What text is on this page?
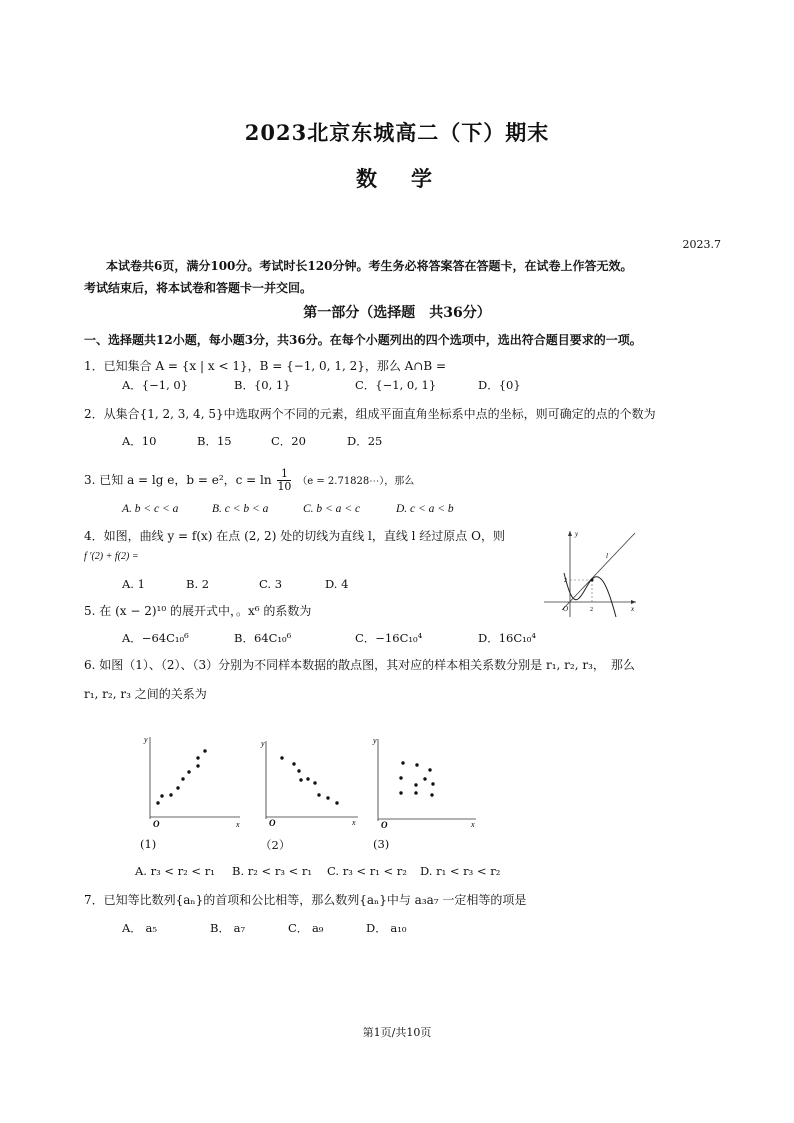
2023北京东城高二（下）期末
数学
2023.7
本试卷共6页，满分100分。考试时长120分钟。考生务必将答案答在答题卡，在试卷上作答无效。
考试结束后，将本试卷和答题卡一并交回。
第一部分（选择题　共36分）
一、选择题共12小题，每小题3分，共36分。在每个小题列出的四个选项中，选出符合题目要求的一项。
1．已知集合 A = {x | x < 1}，B = {−1, 0, 1, 2}，那么 A∩B =
A．{−1, 0}	B．{0, 1}	C．{−1, 0, 1}	D．{0}
2．从集合{1, 2, 3, 4, 5}中选取两个不同的元素，组成平面直角坐标系中点的坐标，则可确定的点的个数为
A．10	B．15	C．20	D．25
3. 已知 a = lg e，b = e²，$c = \ln \frac{1}{10} (e$ = 2.71828⋯），那么
A. b < c < a	B. c < b < a	C. b < a < c	D. c < a < b
4．如图，曲线 y = f(x) 在点 (2, 2) 处的切线为直线 l，直线 l 经过原点 O，则
f ′(2) + f(2) =
A. 1	B. 2	C. 3	D. 4
y
x
O
l
2
2
5. 在 (x − 2)¹⁰ 的展开式中，。x⁶ 的系数为
A．−64C₁₀⁶	B．64C₁₀⁶	C．−16C₁₀⁴	D．16C₁₀⁴
6. 如图（1）、（2）、（3）分别为不同样本数据的散点图，其对应的样本相关系数分别是 r₁, r₂, r₃，　那么
r₁, r₂, r₃ 之间的关系为
y
x
O
(1)
y
x
O
（2）
y
x
O
(3)
A. r₃ < r₂ < r₁ B. r₂ < r₃ < r₁ C. r₃ < r₁ < r₂ D. r₁ < r₃ < r₂
7．已知等比数列{aₙ}的首项和公比相等，那么数列{aₙ}中与 a₃a₇ 一定相等的项是
A． a₅	B． a₇	C． a₉	D． a₁₀
第1页/共10页
